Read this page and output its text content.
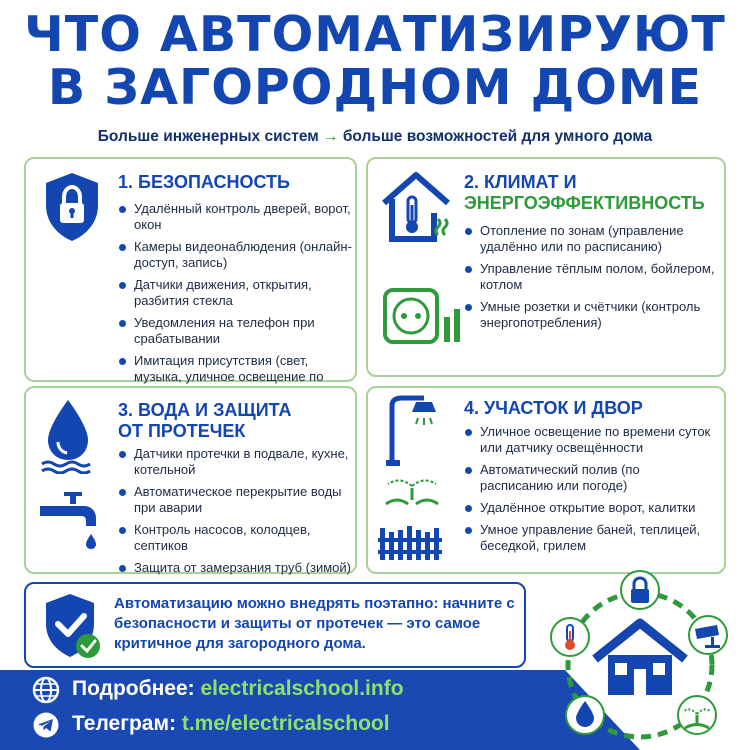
ЧТО АВТОМАТИЗИРУЮТ
В ЗАГОРОДНОМ ДОМЕ
Больше инженерных систем → больше возможностей для умного дома
1. БЕЗОПАСНОСТЬ
Удалённый контроль дверей, ворот, окон
Камеры видеонаблюдения (онлайн-доступ, запись)
Датчики движения, открытия, разбития стекла
Уведомления на телефон при срабатывании
Имитация присутствия (свет, музыка, уличное освещение по
2. КЛИМАТ И
ЭНЕРГОЭФФЕКТИВНОСТЬ
Отопление по зонам (управление удалённо или по расписанию)
Управление тёплым полом, бойлером, котлом
Умные розетки и счётчики (контроль энергопотребления)
3. ВОДА И ЗАЩИТА
ОТ ПРОТЕЧЕК
Датчики протечки в подвале, кухне, котельной
Автоматическое перекрытие воды при аварии
Контроль насосов, колодцев, септиков
Защита от замерзания труб (зимой)
4. УЧАСТОК И ДВОР
Уличное освещение по времени суток или датчику освещённости
Автоматический полив (по расписанию или погоде)
Удалённое открытие ворот, калитки
Умное управление баней, теплицей, беседкой, грилем
Автоматизацию можно внедрять поэтапно: начните с безопасности и защиты от протечек — это самое критичное для загородного дома.
Подробнее: electricalschool.info
Телеграм: t.me/electricalschool
